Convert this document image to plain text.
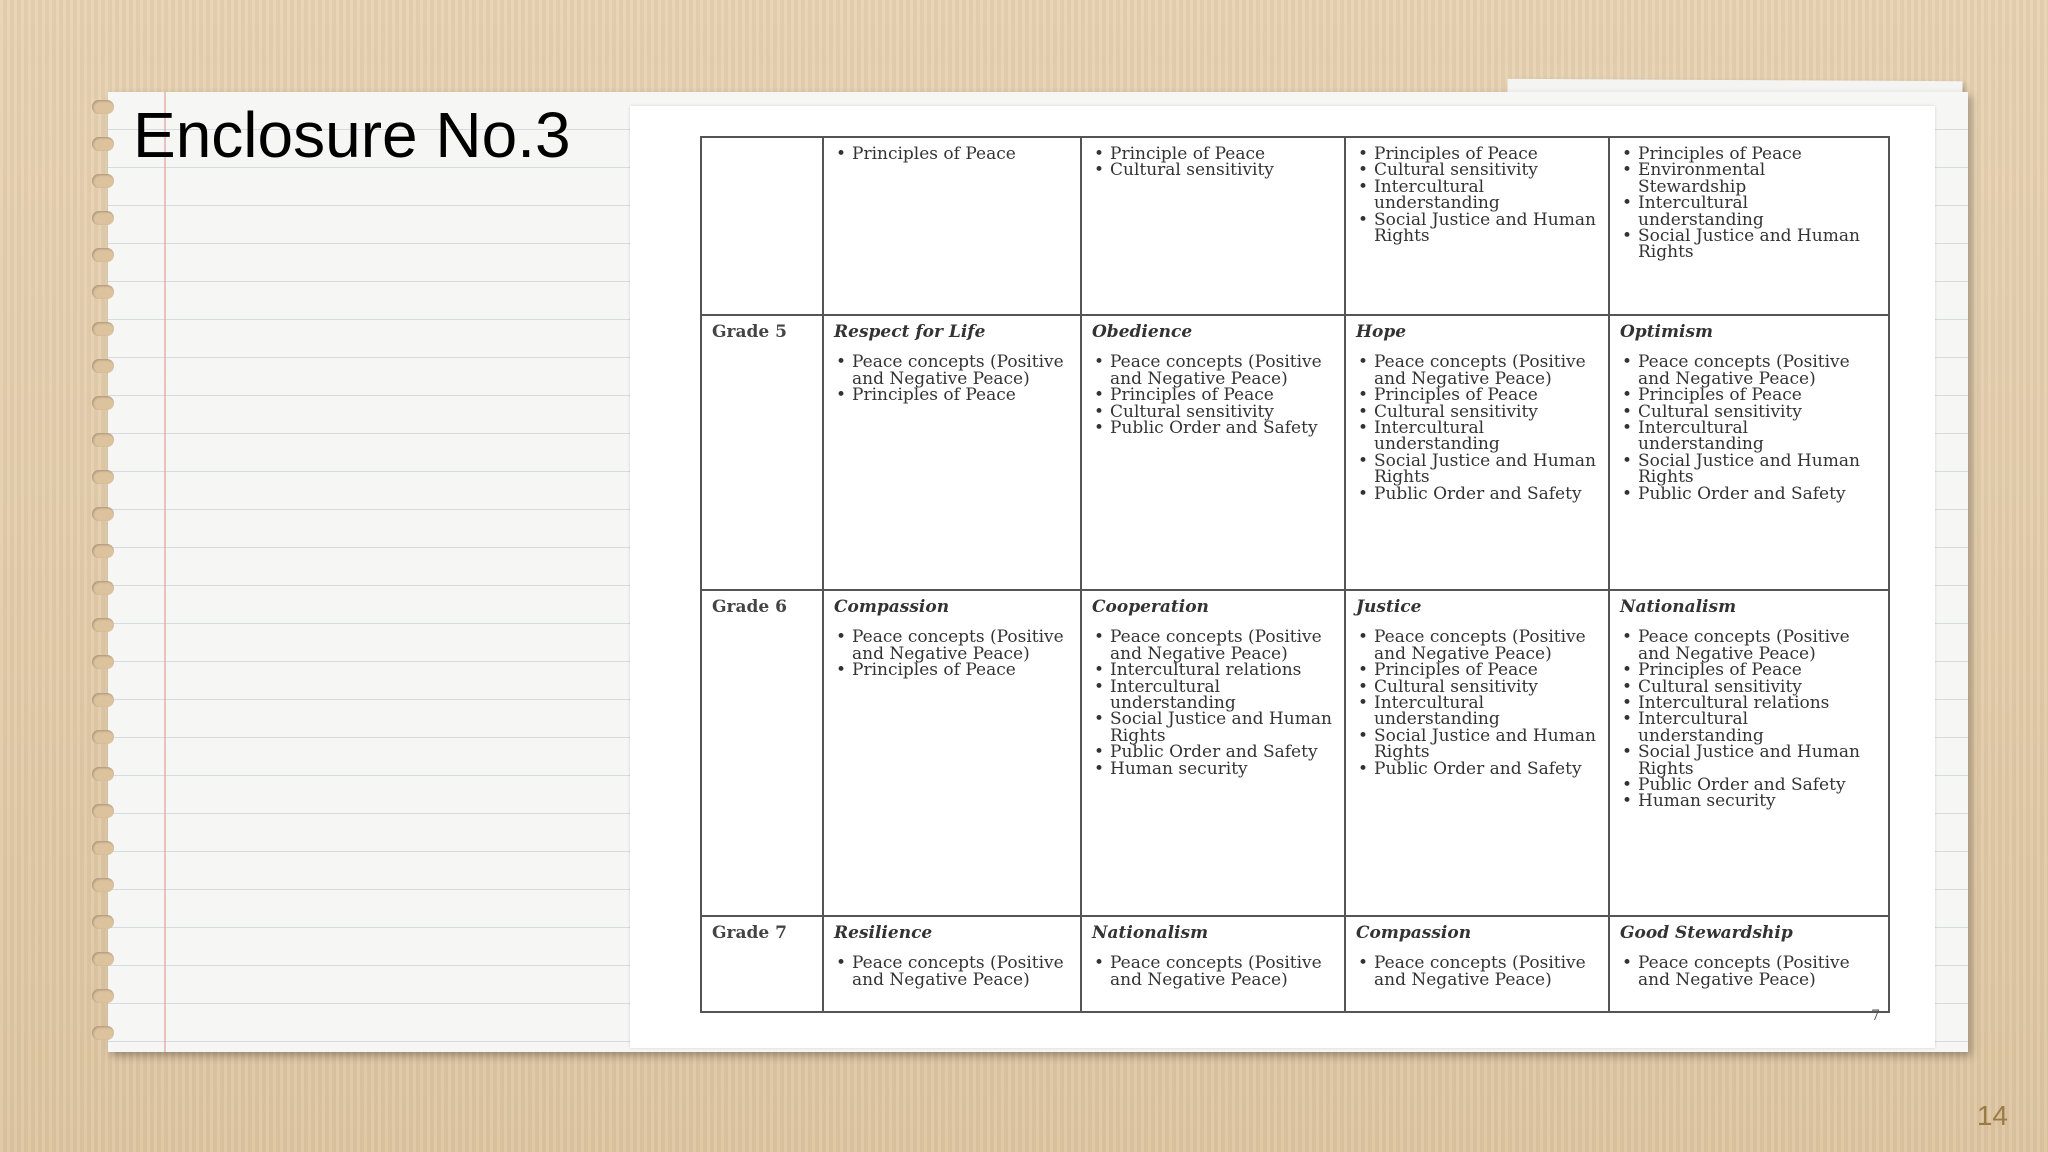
Enclosure No.3

•	Principles of Peace

•Principle of Peace
• Cultural sensitivity

• Principles of Peace
• Cultural sensitivity
• Intercultural understanding
• Social Justice and Human Rights

• Principles of Peace
• Environmental Stewardship
• Intercultural understanding
• Social Justice and Human Rights

Grade 5	Respect for Life
• Peace concepts (Positive and Negative Peace)
• Principles of Peace

Obedience
• Peace concepts (Positive and Negative Peace)
• Principles of Peace
• Cultural sensitivity
• Public Order and Safety

Hope
• Peace concepts (Positive and Negative Peace)
• Principles of Peace
• Cultural sensitivity
• Intercultural understanding
• Social Justice and Human Rights
• Public Order and Safety

Optimism
• Peace concepts (Positive and Negative Peace)
• Principles of Peace
• Cultural sensitivity
• Intercultural understanding
• Social Justice and Human Rights
• Public Order and Safety

Grade 6	Compassion
• Peace concepts (Positive and Negative Peace)
• Principles of Peace

Cooperation
• Peace concepts (Positive and Negative Peace)
• Intercultural relations
• Intercultural understanding
• Social Justice and Human Rights
• Public Order and Safety
• Human security

Justice
• Peace concepts (Positive and Negative Peace)
• Principles of Peace
• Cultural sensitivity
• Intercultural understanding
• Social Justice and Human Rights
• Public Order and Safety

Nationalism
• Peace concepts (Positive and Negative Peace)
• Principles of Peace
• Cultural sensitivity
• Intercultural relations
• Intercultural understanding
• Social Justice and Human Rights
• Public Order and Safety
• Human security

Grade 7	Resilience
• Peace concepts (Positive and Negative Peace)

Nationalism
• Peace concepts (Positive and Negative Peace)

Compassion
• Peace concepts (Positive and Negative Peace)

Good Stewardship
• Peace concepts (Positive and Negative Peace)
7
14
